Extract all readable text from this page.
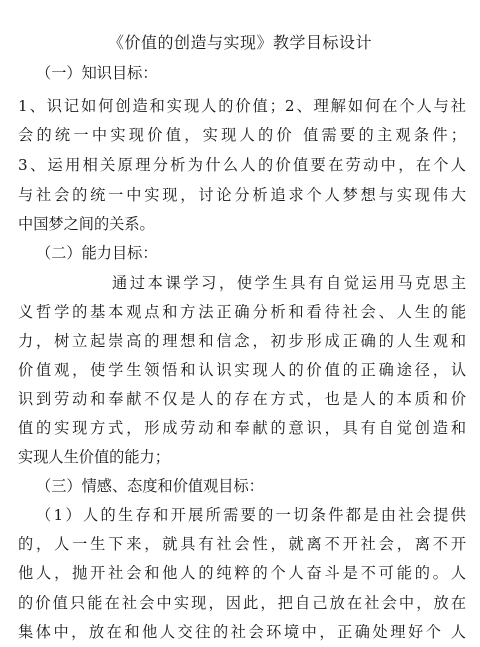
《价值的创造与实现》教学目标设计
（一）知识目标：
1、识记如何创造和实现人的价值；2、理解如何在个人与社
会的统一中实现价值，实现人的价 值需要的主观条件；
3、运用相关原理分析为什么人的价值要在劳动中，在个人
与社会的统一中实现，讨论分析追求个人梦想与实现伟大
中国梦之间的关系。
（二）能力目标：
通过本课学习，使学生具有自觉运用马克思主
义哲学的基本观点和方法正确分析和看待社会、人生的能
力，树立起崇高的理想和信念，初步形成正确的人生观和
价值观，使学生领悟和认识实现人的价值的正确途径，认
识到劳动和奉献不仅是人的存在方式，也是人的本质和价
值的实现方式，形成劳动和奉献的意识，具有自觉创造和
实现人生价值的能力；
（三）情感、态度和价值观目标：
（1）人的生存和开展所需要的一切条件都是由社会提供
的，人一生下来，就具有社会性，就离不开社会，离不开
他人，抛开社会和他人的纯粹的个人奋斗是不可能的。人
的价值只能在社会中实现，因此，把自己放在社会中，放在
集体中，放在和他人交往的社会环境中，正确处理好个 人
